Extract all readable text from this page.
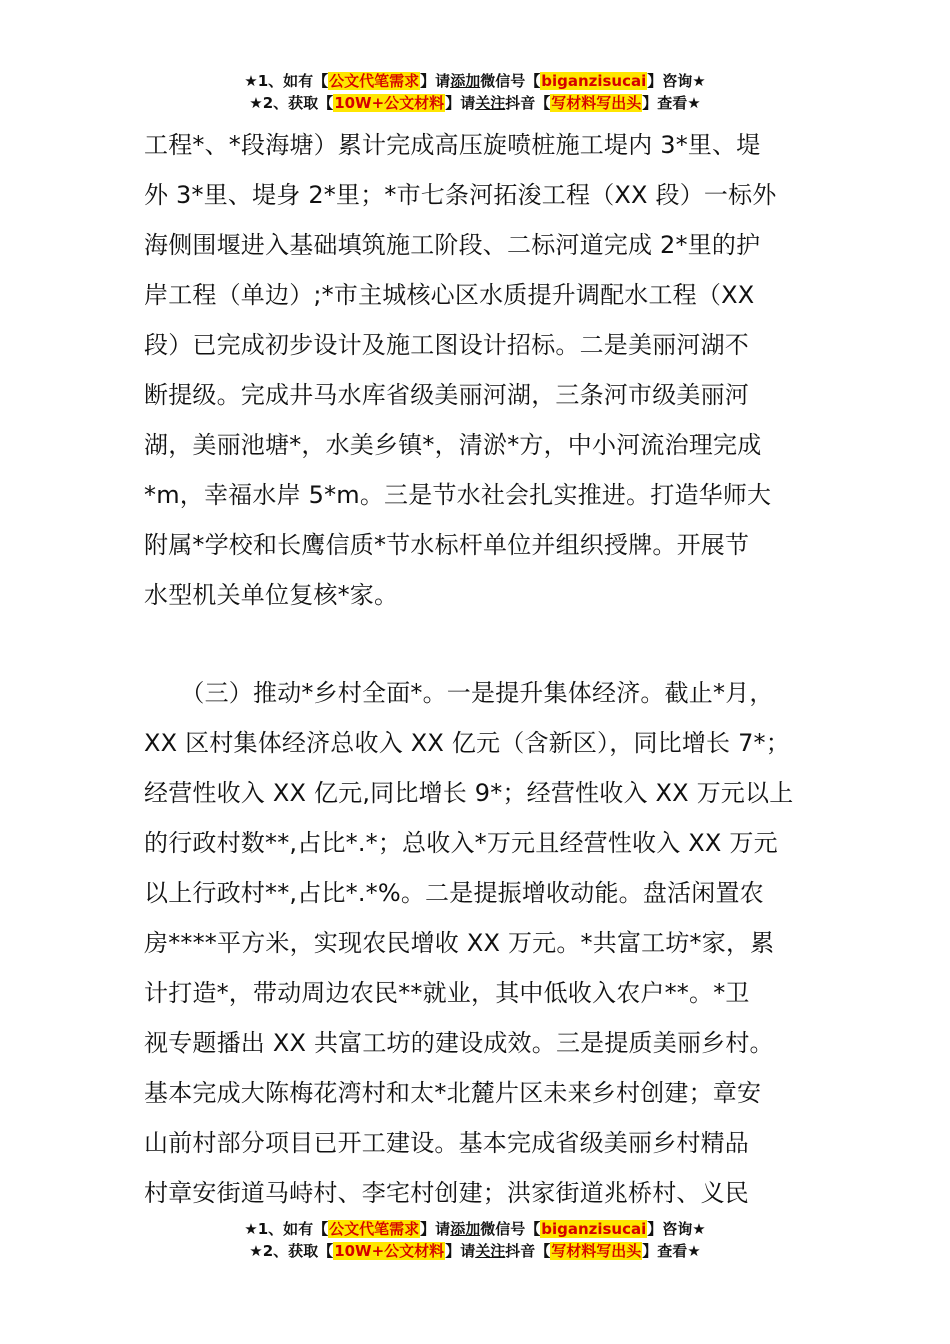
★1、如有【公文代笔需求】请添加微信号【biganzisucai】咨询★
★2、获取【10W+公文材料】请关注抖音【写材料写出头】查看★
工程*、*段海塘）累计完成高压旋喷桩施工堤内 3*里、堤
外 3*里、堤身 2*里；*市七条河拓浚工程（XX 段）一标外
海侧围堰进入基础填筑施工阶段、二标河道完成 2*里的护
岸工程（单边）;*市主城核心区水质提升调配水工程（XX
段）已完成初步设计及施工图设计招标。二是美丽河湖不
断提级。完成井马水库省级美丽河湖，三条河市级美丽河
湖，美丽池塘*，水美乡镇*，清淤*方，中小河流治理完成
*m，幸福水岸 5*m。三是节水社会扎实推进。打造华师大
附属*学校和长鹰信质*节水标杆单位并组织授牌。开展节
水型机关单位复核*家。
　　（三）推动*乡村全面*。一是提升集体经济。截止*月，
XX 区村集体经济总收入 XX 亿元（含新区），同比增长 7*；
经营性收入 XX 亿元,同比增长 9*；经营性收入 XX 万元以上
的行政村数**,占比*.*；总收入*万元且经营性收入 XX 万元
以上行政村**,占比*.*%。二是提振增收动能。盘活闲置农
房****平方米，实现农民增收 XX 万元。*共富工坊*家，累
计打造*，带动周边农民**就业，其中低收入农户**。*卫
视专题播出 XX 共富工坊的建设成效。三是提质美丽乡村。
基本完成大陈梅花湾村和太*北麓片区未来乡村创建；章安
山前村部分项目已开工建设。基本完成省级美丽乡村精品
村章安街道马峙村、李宅村创建；洪家街道兆桥村、义民
★1、如有【公文代笔需求】请添加微信号【biganzisucai】咨询★
★2、获取【10W+公文材料】请关注抖音【写材料写出头】查看★
